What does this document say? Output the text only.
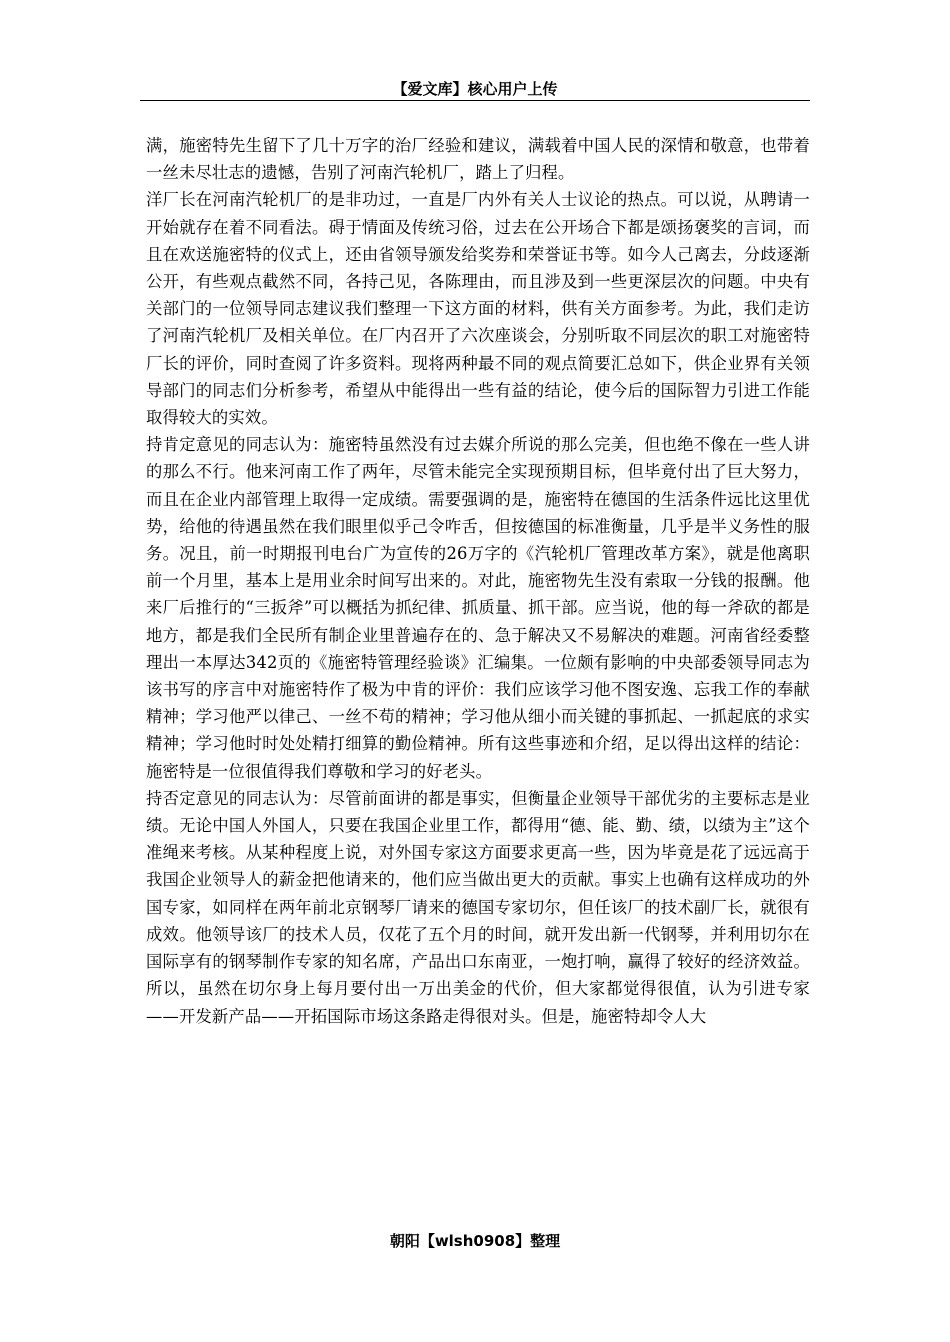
【爱文库】核心用户上传

满，施密特先生留下了几十万字的治厂经验和建议，满载着中国人民的深情和敬意，也带着一丝未尽壮志的遗憾，告别了河南汽轮机厂，踏上了归程。

洋厂长在河南汽轮机厂的是非功过，一直是厂内外有关人士议论的热点。可以说，从聘请一开始就存在着不同看法。碍于情面及传统习俗，过去在公开场合下都是颂扬褒奖的言词，而且在欢送施密特的仪式上，还由省领导颁发给奖券和荣誉证书等。如今人己离去，分歧逐渐公开，有些观点截然不同，各持己见，各陈理由，而且涉及到一些更深层次的问题。中央有关部门的一位领导同志建议我们整理一下这方面的材料，供有关方面参考。为此，我们走访了河南汽轮机厂及相关单位。在厂内召开了六次座谈会，分别听取不同层次的职工对施密特厂长的评价，同时查阅了许多资料。现将两种最不同的观点简要汇总如下，供企业界有关领导部门的同志们分析参考，希望从中能得出一些有益的结论，使今后的国际智力引进工作能取得较大的实效。

持肯定意见的同志认为：施密特虽然没有过去媒介所说的那么完美，但也绝不像在一些人讲的那么不行。他来河南工作了两年，尽管未能完全实现预期目标，但毕竟付出了巨大努力，而且在企业内部管理上取得一定成绩。需要强调的是，施密特在德国的生活条件远比这里优势，给他的待遇虽然在我们眼里似乎己令咋舌，但按德国的标准衡量，几乎是半义务性的服务。况且，前一时期报刊电台广为宣传的26万字的《汽轮机厂管理改革方案》，就是他离职前一个月里，基本上是用业余时间写出来的。对此，施密物先生没有索取一分钱的报酬。他来厂后推行的“三扳斧”可以概括为抓纪律、抓质量、抓干部。应当说，他的每一斧砍的都是地方，都是我们全民所有制企业里普遍存在的、急于解决又不易解决的难题。河南省经委整理出一本厚达342页的《施密特管理经验谈》汇编集。一位颇有影响的中央部委领导同志为该书写的序言中对施密特作了极为中肯的评价：我们应该学习他不图安逸、忘我工作的奉献精神；学习他严以律己、一丝不苟的精神；学习他从细小而关键的事抓起、一抓起底的求实精神；学习他时时处处精打细算的勤俭精神。所有这些事迹和介绍，足以得出这样的结论：施密特是一位很值得我们尊敬和学习的好老头。

持否定意见的同志认为：尽管前面讲的都是事实，但衡量企业领导干部优劣的主要标志是业绩。无论中国人外国人，只要在我国企业里工作，都得用“德、能、勤、绩，以绩为主”这个准绳来考核。从某种程度上说，对外国专家这方面要求更高一些，因为毕竟是花了远远高于我国企业领导人的薪金把他请来的，他们应当做出更大的贡献。事实上也确有这样成功的外国专家，如同样在两年前北京钢琴厂请来的德国专家切尔，但任该厂的技术副厂长，就很有成效。他领导该厂的技术人员，仅花了五个月的时间，就开发出新一代钢琴，并利用切尔在国际享有的钢琴制作专家的知名席，产品出口东南亚，一炮打响，赢得了较好的经济效益。所以，虽然在切尔身上每月要付出一万出美金的代价，但大家都觉得很值，认为引进专家——开发新产品——开拓国际市场这条路走得很对头。但是，施密特却令人大

朝阳【wlsh0908】整理
